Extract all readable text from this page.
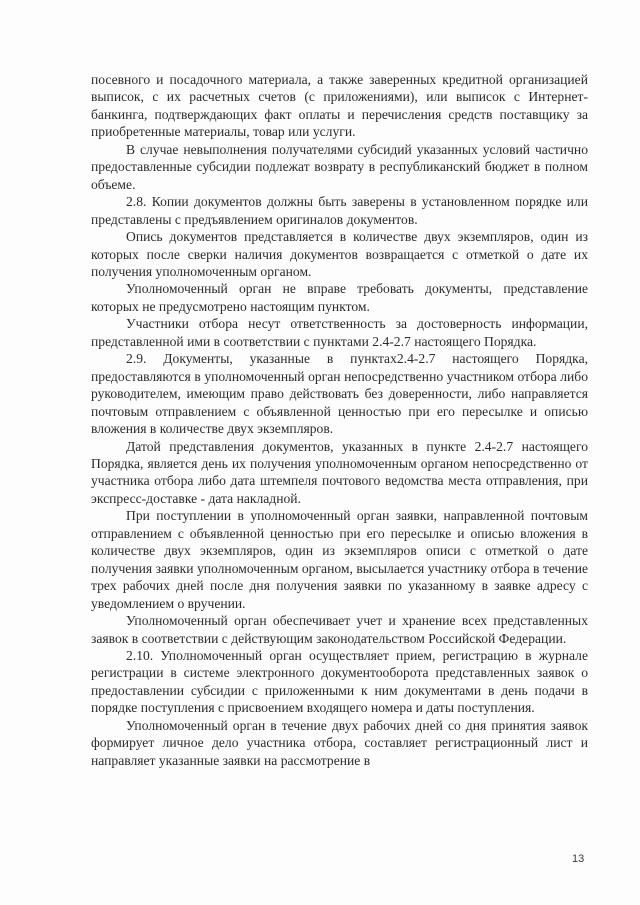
посевного и посадочного материала, а также заверенных кредитной организацией выписок, с их расчетных счетов (с приложениями), или выписок с Интернет-банкинга, подтверждающих факт оплаты и перечисления средств поставщику за приобретенные материалы, товар или услуги.

В случае невыполнения получателями субсидий указанных условий частично предоставленные субсидии подлежат возврату в республиканский бюджет в полном объеме.

2.8. Копии документов должны быть заверены в установленном порядке или представлены с предъявлением оригиналов документов.

Опись документов представляется в количестве двух экземпляров, один из которых после сверки наличия документов возвращается с отметкой о дате их получения уполномоченным органом.

Уполномоченный орган не вправе требовать документы, представление которых не предусмотрено настоящим пунктом.

Участники отбора несут ответственность за достоверность информации, представленной ими в соответствии с пунктами 2.4-2.7 настоящего Порядка.

2.9. Документы, указанные в пунктах2.4-2.7 настоящего Порядка, предоставляются в уполномоченный орган непосредственно участником отбора либо руководителем, имеющим право действовать без доверенности, либо направляется почтовым отправлением с объявленной ценностью при его пересылке и описью вложения в количестве двух экземпляров.

Датой представления документов, указанных в пункте 2.4-2.7 настоящего Порядка, является день их получения уполномоченным органом непосредственно от участника отбора либо дата штемпеля почтового ведомства места отправления, при экспресс-доставке - дата накладной.

При поступлении в уполномоченный орган заявки, направленной почтовым отправлением с объявленной ценностью при его пересылке и описью вложения в количестве двух экземпляров, один из экземпляров описи с отметкой о дате получения заявки уполномоченным органом, высылается участнику отбора в течение трех рабочих дней после дня получения заявки по указанному в заявке адресу с уведомлением о вручении.

Уполномоченный орган обеспечивает учет и хранение всех представленных заявок в соответствии с действующим законодательством Российской Федерации.

2.10. Уполномоченный орган осуществляет прием, регистрацию в журнале регистрации в системе электронного документооборота представленных заявок о предоставлении субсидии с приложенными к ним документами в день подачи в порядке поступления с присвоением входящего номера и даты поступления.

Уполномоченный орган в течение двух рабочих дней со дня принятия заявок формирует личное дело участника отбора, составляет регистрационный лист и направляет указанные заявки на рассмотрение в

13
